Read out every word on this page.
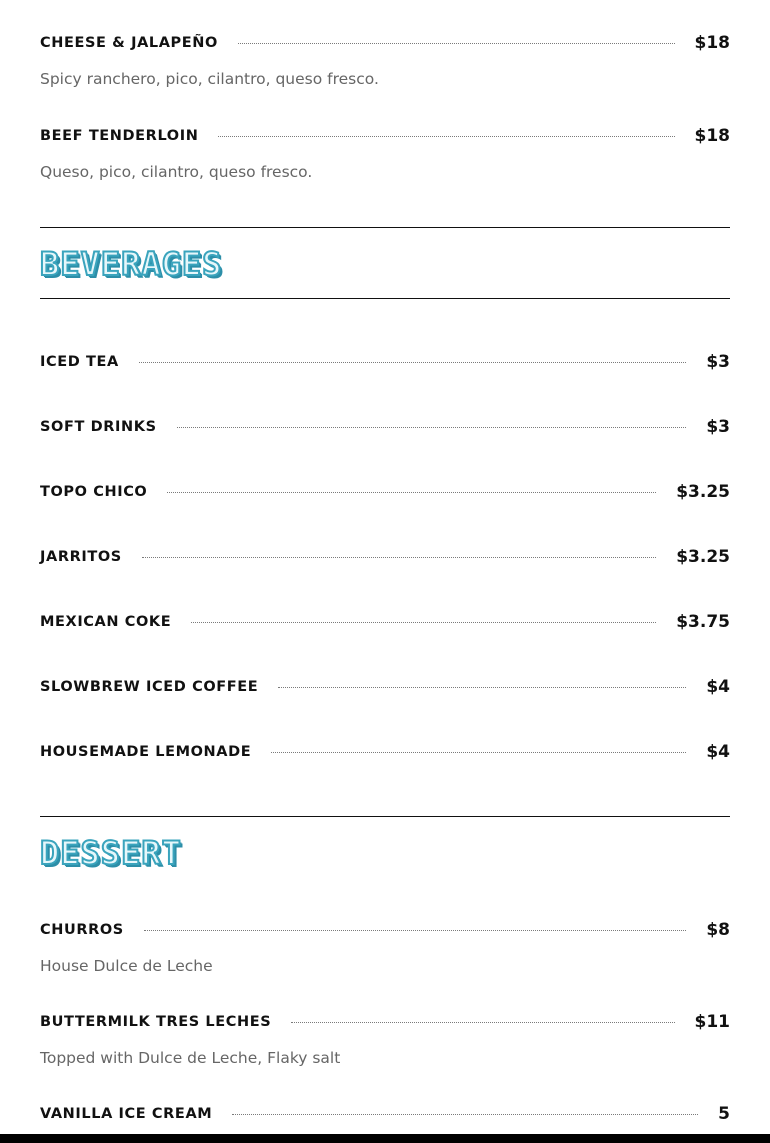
CHEESE & JALAPEÑO	$18
Spicy ranchero, pico, cilantro, queso fresco.
BEEF TENDERLOIN	$18
Queso, pico, cilantro, queso fresco.
BEVERAGES
ICED TEA	$3
SOFT DRINKS	$3
TOPO CHICO	$3.25
JARRITOS	$3.25
MEXICAN COKE	$3.75
SLOWBREW ICED COFFEE	$4
HOUSEMADE LEMONADE	$4
DESSERT
CHURROS	$8
House Dulce de Leche
BUTTERMILK TRES LECHES	$11
Topped with Dulce de Leche, Flaky salt
VANILLA ICE CREAM	5
